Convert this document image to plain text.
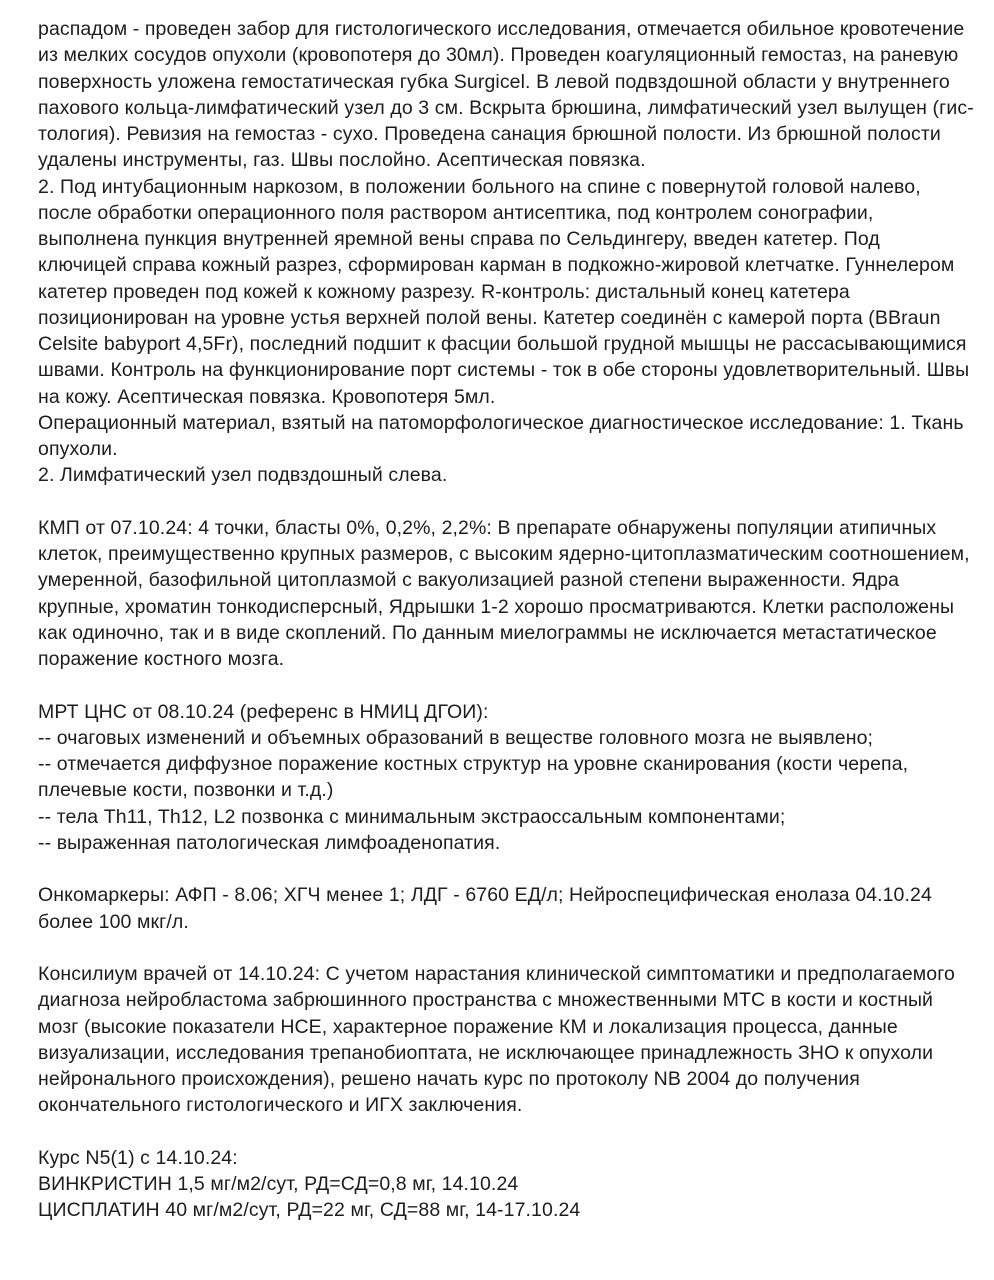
распадом - проведен забор для гистологического исследования, отмечается обильное кровотечение
из мелких сосудов опухоли (кровопотеря до 30мл). Проведен коагуляционный гемостаз, на раневую
поверхность уложена гемостатическая губка Surgicel. В левой подвздошной области у внутреннего
пахового кольца-лимфатический узел до 3 см. Вскрыта брюшина, лимфатический узел вылущен (гис-
тология). Ревизия на гемостаз - сухо. Проведена санация брюшной полости. Из брюшной полости
удалены инструменты, газ. Швы послойно. Асептическая повязка.
2. Под интубационным наркозом, в положении больного на спине с повернутой головой налево,
после обработки операционного поля раствором антисептика, под контролем сонографии,
выполнена пункция внутренней яремной вены справа по Сельдингеру, введен катетер. Под
ключицей справа кожный разрез, сформирован карман в подкожно-жировой клетчатке. Гуннелером
катетер проведен под кожей к кожному разрезу. R-контроль: дистальный конец катетера
позиционирован на уровне устья верхней полой вены. Катетер соединён с камерой порта (BBraun
Celsite babyport 4,5Fr), последний подшит к фасции большой грудной мышцы не рассасывающимися
швами. Контроль на функционирование порт системы - ток в обе стороны удовлетворительный. Швы
на кожу. Асептическая повязка. Кровопотеря 5мл.
Операционный материал, взятый на патоморфологическое диагностическое исследование: 1. Ткань
опухоли.
2. Лимфатический узел подвздошный слева.
КМП от 07.10.24: 4 точки, бласты 0%, 0,2%, 2,2%: В препарате обнаружены популяции атипичных
клеток, преимущественно крупных размеров, с высоким ядерно-цитоплазматическим соотношением,
умеренной, базофильной цитоплазмой с вакуолизацией разной степени выраженности. Ядра
крупные, хроматин тонкодисперсный, Ядрышки 1-2 хорошо просматриваются. Клетки расположены
как одиночно, так и в виде скоплений. По данным миелограммы не исключается метастатическое
поражение костного мозга.
МРТ ЦНС от 08.10.24 (референс в НМИЦ ДГОИ):
-- очаговых изменений и объемных образований в веществе головного мозга не выявлено;
-- отмечается диффузное поражение костных структур на уровне сканирования (кости черепа,
плечевые кости, позвонки и т.д.)
-- тела Th11, Th12, L2 позвонка с минимальным экстраоссальным компонентами;
-- выраженная патологическая лимфоаденопатия.
Онкомаркеры: АФП - 8.06; ХГЧ менее 1; ЛДГ - 6760 ЕД/л; Нейроспецифическая енолаза 04.10.24
более 100 мкг/л.
Консилиум врачей от 14.10.24: С учетом нарастания клинической симптоматики и предполагаемого
диагноза нейробластома забрюшинного пространства с множественными МТС в кости и костный
мозг (высокие показатели НСЕ, характерное поражение КМ и локализация процесса, данные
визуализации, исследования трепанобиоптата, не исключающее принадлежность ЗНО к опухоли
нейронального происхождения), решено начать курс по протоколу NB 2004 до получения
окончательного гистологического и ИГХ заключения.
Курс N5(1) с 14.10.24:
ВИНКРИСТИН 1,5 мг/м2/сут, РД=СД=0,8 мг, 14.10.24
ЦИСПЛАТИН 40 мг/м2/сут, РД=22 мг, СД=88 мг, 14-17.10.24
